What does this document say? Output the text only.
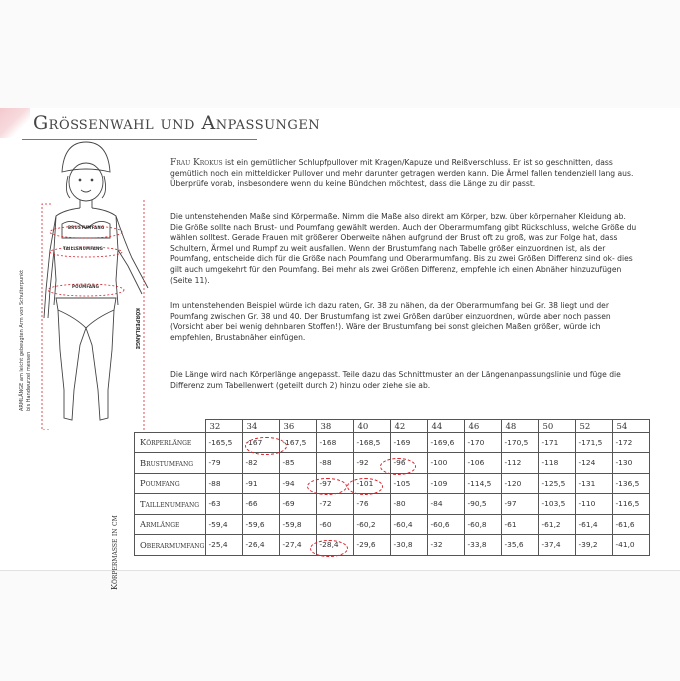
Größenwahl und Anpassungen
BRUSTUMFANG
TAILLENUMFANG
POUMFANG
KÖRPERLÄNGE
ARMLÄNGE am leicht gebeugten Arm von Schulterpunkt bis Handwurzel messen
Frau Krokus ist ein gemütlicher Schlupfpullover mit Kragen/Kapuze und Reißverschluss. Er ist so geschnitten, dass gemütlich noch ein mitteldicker Pullover und mehr darunter getragen werden kann. Die Ärmel fallen tendenziell lang aus. Überprüfe vorab, insbesondere wenn du keine Bündchen möchtest, dass die Länge zu dir passt.
Die untenstehenden Maße sind Körpermaße. Nimm die Maße also direkt am Körper, bzw. über körpernaher Kleidung ab. Die Größe sollte nach Brust- und Poumfang gewählt werden. Auch der Oberarmumfang gibt Rückschluss, welche Größe du wählen solltest. Gerade Frauen mit größerer Oberweite nähen aufgrund der Brust oft zu groß, was zur Folge hat, dass Schultern, Ärmel und Rumpf zu weit ausfallen. Wenn der Brustumfang nach Tabelle größer einzuordnen ist, als der Poumfang, entscheide dich für die Größe nach Poumfang und Oberarmumfang. Bis zu zwei Größen Differenz sind ok- dies gilt auch umgekehrt für den Poumfang. Bei mehr als zwei Größen Differenz, empfehle ich einen Abnäher hinzuzufügen (Seite 11).
Im untenstehenden Beispiel würde ich dazu raten, Gr. 38 zu nähen, da der Oberarmumfang bei Gr. 38 liegt und der Poumfang zwischen Gr. 38 und 40. Der Brustumfang ist zwei Größen darüber einzuordnen, würde aber noch passen (Vorsicht aber bei wenig dehnbaren Stoffen!). Wäre der Brustumfang bei sonst gleichen Maßen größer, würde ich empfehlen, Brustabnäher einfügen.
Die Länge wird nach Körperlänge angepasst. Teile dazu das Schnittmuster an der Längenanpassungslinie und füge die Differenz zum Tabellenwert (geteilt durch 2) hinzu oder ziehe sie ab.
	32	34	36	38	40	42	44	46	48	50	52	54
Körperlänge	-165,5	-167	-167,5	-168	-168,5	-169	-169,6	-170	-170,5	-171	-171,5	-172
Brustumfang	-79	-82	-85	-88	-92	-96	-100	-106	-112	-118	-124	-130
Poumfang	-88	-91	-94	-97	-101	-105	-109	-114,5	-120	-125,5	-131	-136,5
Taillenumfang	-63	-66	-69	-72	-76	-80	-84	-90,5	-97	-103,5	-110	-116,5
Armlänge	-59,4	-59,6	-59,8	-60	-60,2	-60,4	-60,6	-60,8	-61	-61,2	-61,4	-61,6
Oberarmumfang	-25,4	-26,4	-27,4	-28,4	-29,6	-30,8	-32	-33,8	-35,6	-37,4	-39,2	-41,0
Körpermaße in cm
